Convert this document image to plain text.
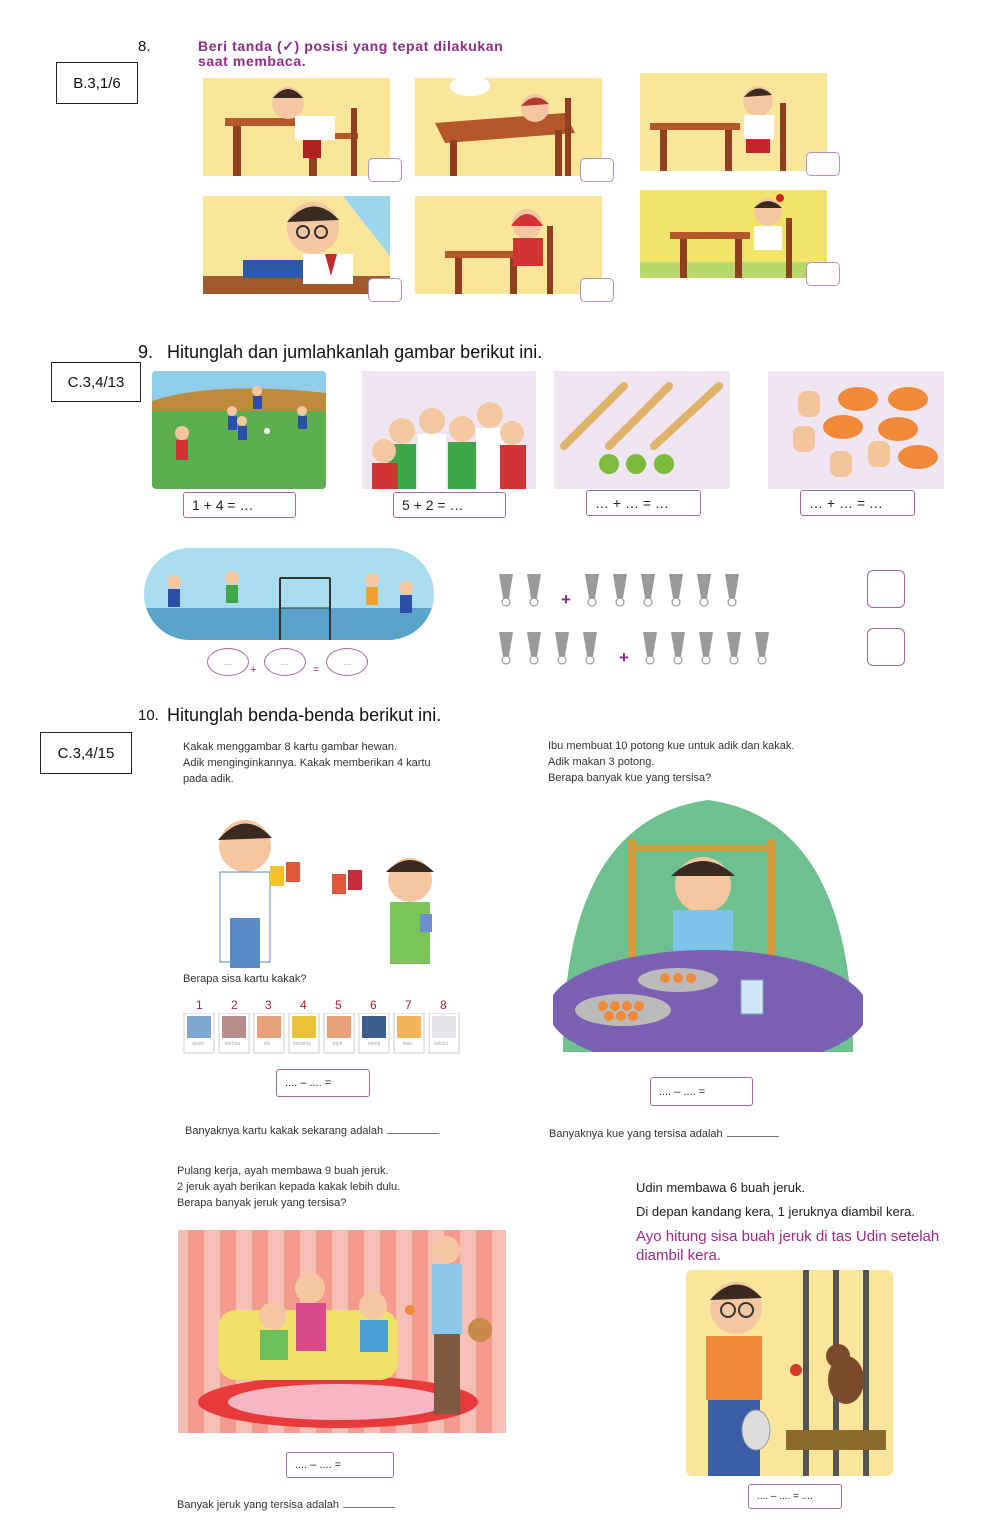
8.
B.3,1/6
Beri tanda (✓) posisi yang tepat dilakukan
saat membaca.
9. Hitunglah dan jumlahkanlah gambar berikut ini.
C.3,4/13
1 + 4 = …	5 + 2 = …	… + … = …	… + … = …
…
+
…
=
…
+
+
10. Hitunglah benda-benda berikut ini.
C.3,4/15	Kakak menggambar 8 kartu gambar hewan.
Adik menginginkannya. Kakak memberikan 4 kartu
pada adik.
Berapa sisa kartu kakak?
1 2 3 4 5 6 7 8
ayam	kerbau	itik	banteng	pipit	elang	ikan	kelinci
.... – .... =
Banyaknya kartu kakak sekarang adalah
Ibu membuat 10 potong kue untuk adik dan kakak.
Adik makan 3 potong.
Berapa banyak kue yang tersisa?
.... – .... =
Banyaknya kue yang tersisa adalah
Pulang kerja, ayah membawa 9 buah jeruk.
2 jeruk ayah berikan kepada kakak lebih dulu.
Berapa banyak jeruk yang tersisa?
.... – .... =
Banyak jeruk yang tersisa adalah
Udin membawa 6 buah jeruk.
Di depan kandang kera, 1 jeruknya diambil kera.
Ayo hitung sisa buah jeruk di tas Udin setelah
diambil kera.
.... – .... = ....
